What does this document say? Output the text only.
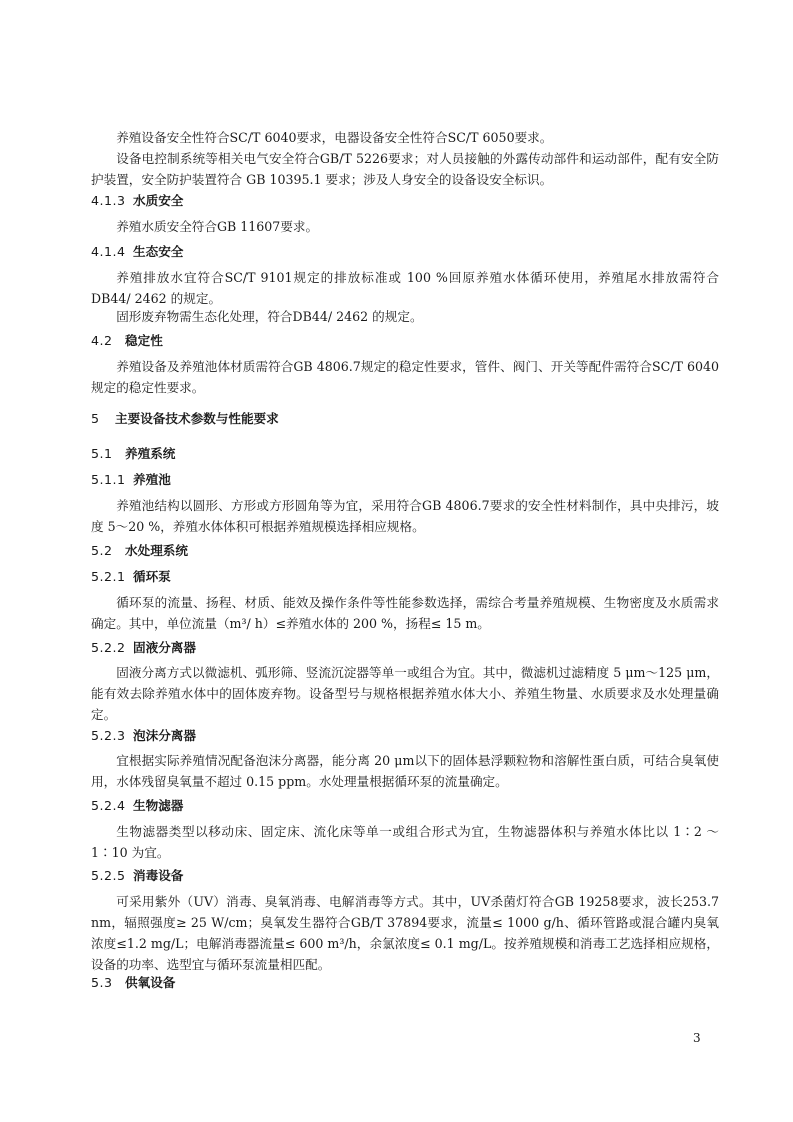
养殖设备安全性符合SC/T 6040要求，电器设备安全性符合SC/T 6050要求。
设备电控制系统等相关电气安全符合GB/T 5226要求；对人员接触的外露传动部件和运动部件，配有安全防护装置，安全防护装置符合 GB 10395.1 要求；涉及人身安全的设备设安全标识。
4.1.3 水质安全
养殖水质安全符合GB 11607要求。
4.1.4 生态安全
养殖排放水宜符合SC/T 9101规定的排放标准或 100 %回原养殖水体循环使用，养殖尾水排放需符合 DB44/ 2462 的规定。
固形废弃物需生态化处理，符合DB44/ 2462 的规定。
4.2 稳定性
养殖设备及养殖池体材质需符合GB 4806.7规定的稳定性要求，管件、阀门、开关等配件需符合SC/T 6040规定的稳定性要求。
5 主要设备技术参数与性能要求
5.1 养殖系统
5.1.1 养殖池
养殖池结构以圆形、方形或方形圆角等为宜，采用符合GB 4806.7要求的安全性材料制作，具中央排污，坡度 5～20 %，养殖水体体积可根据养殖规模选择相应规格。
5.2 水处理系统
5.2.1 循环泵
循环泵的流量、扬程、材质、能效及操作条件等性能参数选择，需综合考量养殖规模、生物密度及水质需求确定。其中，单位流量（m³/ h）≤养殖水体的 200 %，扬程≤ 15 m。
5.2.2 固液分离器
固液分离方式以微滤机、弧形筛、竖流沉淀器等单一或组合为宜。其中，微滤机过滤精度 5 μm～125 μm，能有效去除养殖水体中的固体废弃物。设备型号与规格根据养殖水体大小、养殖生物量、水质要求及水处理量确定。
5.2.3 泡沫分离器
宜根据实际养殖情况配备泡沫分离器，能分离 20 μm以下的固体悬浮颗粒物和溶解性蛋白质，可结合臭氧使用，水体残留臭氧量不超过 0.15 ppm。水处理量根据循环泵的流量确定。
5.2.4 生物滤器
生物滤器类型以移动床、固定床、流化床等单一或组合形式为宜，生物滤器体积与养殖水体比以 1∶2 ～1∶10 为宜。
5.2.5 消毒设备
可采用紫外（UV）消毒、臭氧消毒、电解消毒等方式。其中，UV杀菌灯符合GB 19258要求，波长253.7 nm，辐照强度≥ 25 W/cm；臭氧发生器符合GB/T 37894要求，流量≤ 1000 g/h、循环管路或混合罐内臭氧浓度≤1.2 mg/L；电解消毒器流量≤ 600 m³/h，余氯浓度≤ 0.1 mg/L。按养殖规模和消毒工艺选择相应规格，设备的功率、选型宜与循环泵流量相匹配。
5.3 供氧设备
3
